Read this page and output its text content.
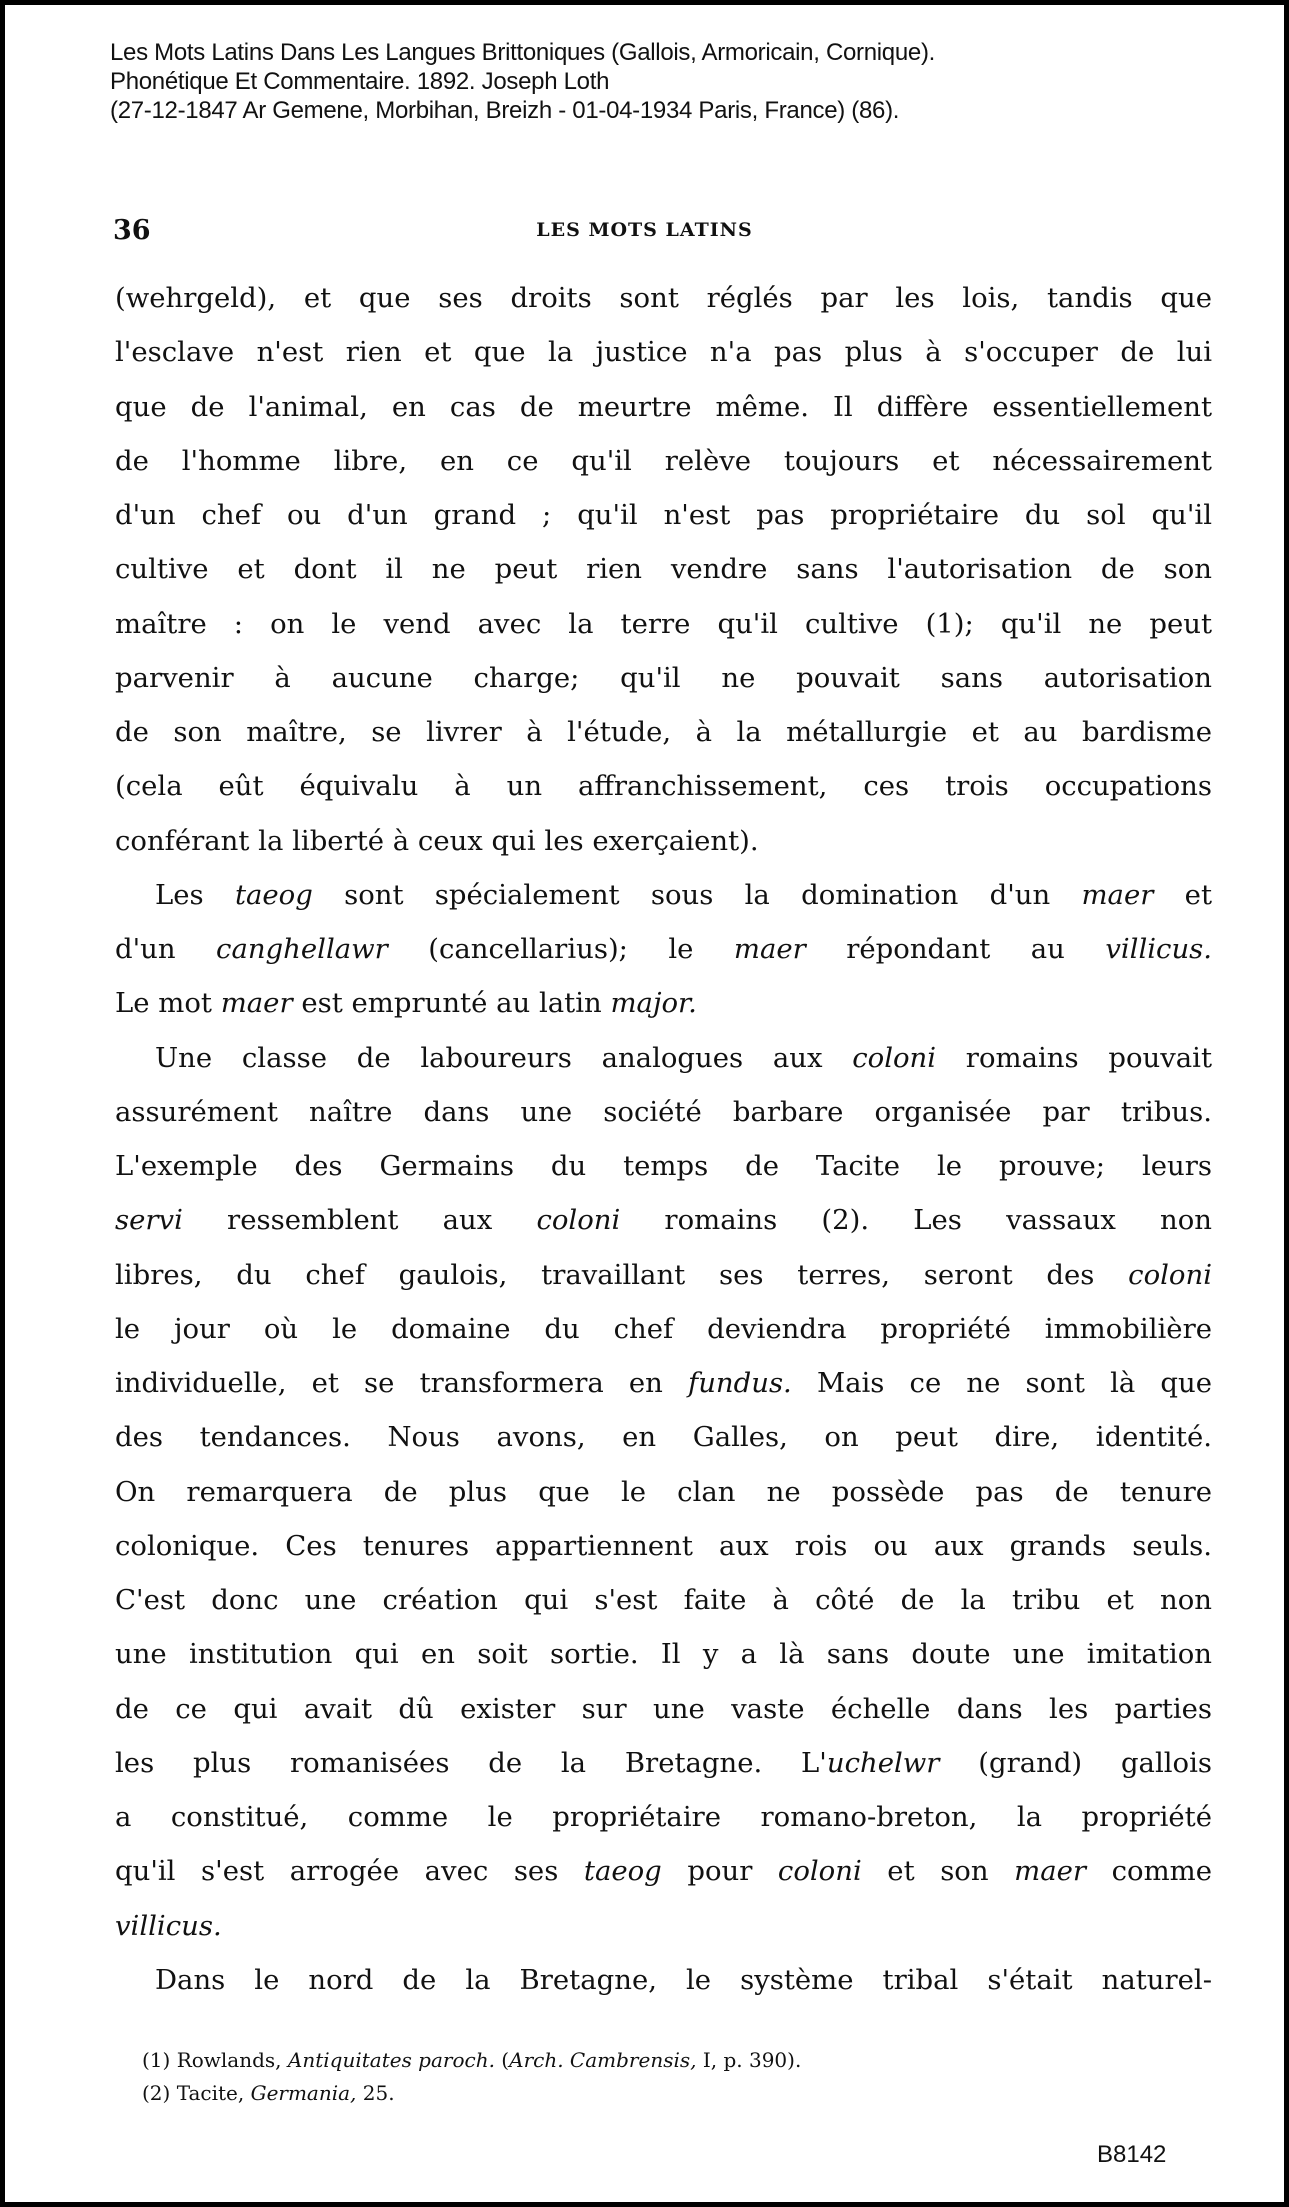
Les Mots Latins Dans Les Langues Brittoniques (Gallois, Armoricain, Cornique).
Phonétique Et Commentaire. 1892. Joseph Loth
(27-12-1847 Ar Gemene, Morbihan, Breizh - 01-04-1934 Paris, France) (86).
36	LES MOTS LATINS
(wehrgeld), et que ses droits sont réglés par les lois, tandis que
l'esclave n'est rien et que la justice n'a pas plus à s'occuper de lui
que de l'animal, en cas de meurtre même. Il diffère essentiellement
de l'homme libre, en ce qu'il relève toujours et nécessairement
d'un chef ou d'un grand ; qu'il n'est pas propriétaire du sol qu'il
cultive et dont il ne peut rien vendre sans l'autorisation de son
maître : on le vend avec la terre qu'il cultive (1); qu'il ne peut
parvenir à aucune charge; qu'il ne pouvait sans autorisation
de son maître, se livrer à l'étude, à la métallurgie et au bardisme
(cela eût équivalu à un affranchissement, ces trois occupations
conférant la liberté à ceux qui les exerçaient).
Les taeog sont spécialement sous la domination d'un maer et
d'un canghellawr (cancellarius); le maer répondant au villicus.
Le mot maer est emprunté au latin major.
Une classe de laboureurs analogues aux coloni romains pouvait
assurément naître dans une société barbare organisée par tribus.
L'exemple des Germains du temps de Tacite le prouve; leurs
servi ressemblent aux coloni romains (2). Les vassaux non
libres, du chef gaulois, travaillant ses terres, seront des coloni
le jour où le domaine du chef deviendra propriété immobilière
individuelle, et se transformera en fundus. Mais ce ne sont là que
des tendances. Nous avons, en Galles, on peut dire, identité.
On remarquera de plus que le clan ne possède pas de tenure
colonique. Ces tenures appartiennent aux rois ou aux grands seuls.
C'est donc une création qui s'est faite à côté de la tribu et non
une institution qui en soit sortie. Il y a là sans doute une imitation
de ce qui avait dû exister sur une vaste échelle dans les parties
les plus romanisées de la Bretagne. L'uchelwr (grand) gallois
a constitué, comme le propriétaire romano-breton, la propriété
qu'il s'est arrogée avec ses taeog pour coloni et son maer comme
villicus.
Dans le nord de la Bretagne, le système tribal s'était naturel-
(1) Rowlands, Antiquitates paroch. (Arch. Cambrensis, I, p. 390).
(2) Tacite, Germania, 25.
B8142
